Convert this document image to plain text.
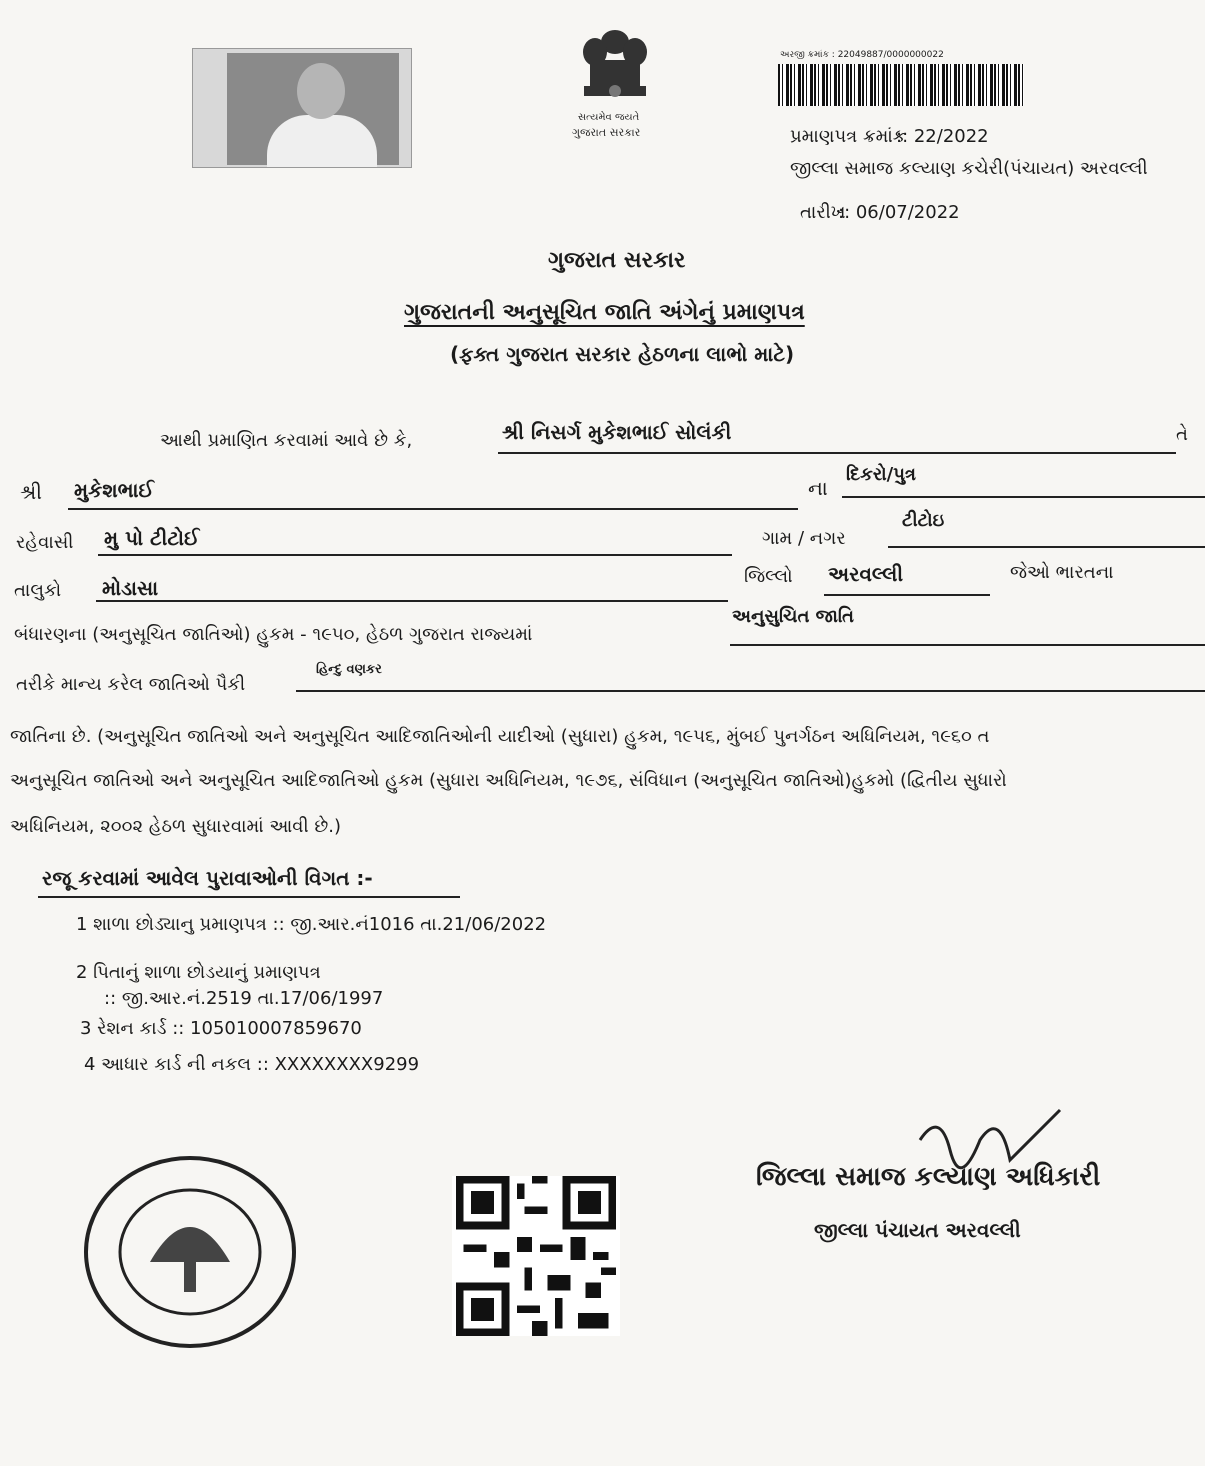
સત્યમેવ જયતે
ગુજરાત સરકાર
અરજી ક્રમાંક : 22049887/0000000022
પ્રમાણપત્ર ક્રમાંક
:: 22/2022
જીલ્લા સમાજ કલ્યાણ કચેરી(પંચાયત) અરવલ્લી
તારીખ
:: 06/07/2022
ગુજરાત સરકાર
ગુજરાતની અનુસૂચિત જાતિ અંગેનું પ્રમાણપત્ર
(ફક્ત ગુજરાત સરકાર હેઠળના લાભો માટે)
આથી પ્રમાણિત કરવામાં આવે છે કે,	શ્રી નિસર્ગ મુકેશભાઈ સોલંકી	તે
શ્રી મુકેશભાઈ	ના
દિકરો/પુત્ર
રહેવાસી મુ પો ટીટોઈ	ગામ / નગર
ટીટોઇ
તાલુકો મોડાસા	જિલ્લો અરવલ્લી	જેઓ ભારતના
બંધારણના (અનુસૂચિત જાતિઓ) હુકમ - ૧૯૫૦, હેઠળ ગુજરાત રાજ્યમાં
અનુસુચિત જાતિ
તરીકે માન્ય કરેલ જાતિઓ પૈકી
હિન્દુ વણકર
જાતિના છે. (અનુસૂચિત જાતિઓ અને અનુસૂચિત આદિજાતિઓની યાદીઓ (સુધારા) હુકમ, ૧૯૫૬, મુંબઈ પુનર્ગઠન અધિનિયમ, ૧૯૬૦ ત
અનુસૂચિત જાતિઓ અને અનુસૂચિત આદિજાતિઓ હુકમ (સુધારા અધિનિયમ, ૧૯૭૬, સંવિધાન (અનુસૂચિત જાતિઓ)હુકમો (દ્વિતીય સુધારો
અધિનિયમ, ૨૦૦૨ હેઠળ સુધારવામાં આવી છે.)
રજૂ કરવામાં આવેલ પુરાવાઓની વિગત :-
1 શાળા છોડ્યાનુ પ્રમાણપત્ર :: જી.આર.નં1016 તા.21/06/2022
2 પિતાનું શાળા છોડયાનું પ્રમાણપત્ર
:: જી.આર.નં.2519 તા.17/06/1997
3 રેશન કાર્ડ :: 105010007859670
4 આધાર કાર્ડ ની નકલ :: XXXXXXXX9299
જિલ્લા સમાજ કલ્યાણ અધિકારી
જીલ્લા પંચાયત અરવલ્લી
